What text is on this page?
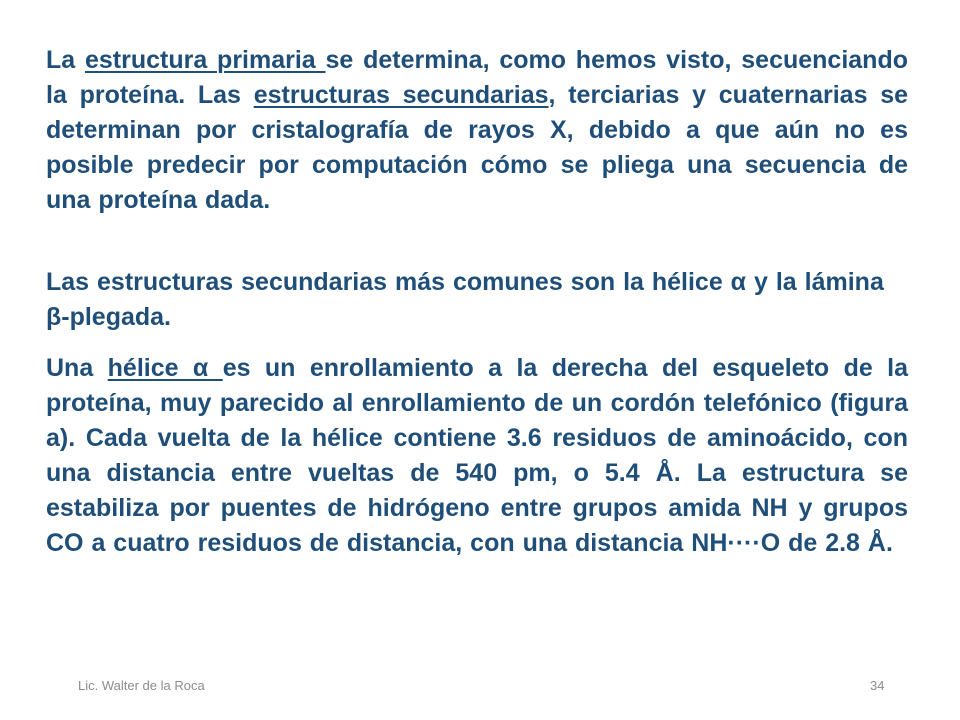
La estructura primaria se determina, como hemos visto, secuenciando la proteína. Las estructuras secundarias, terciarias y cuaternarias se determinan por cristalografía de rayos X, debido a que aún no es posible predecir por computación cómo se pliega una secuencia de una proteína dada.

Las estructuras secundarias más comunes son la hélice α y la lámina β-plegada.

Una hélice α es un enrollamiento a la derecha del esqueleto de la proteína, muy parecido al enrollamiento de un cordón telefónico (figura a). Cada vuelta de la hélice contiene 3.6 residuos de aminoácido, con una distancia entre vueltas de 540 pm, o 5.4 Å. La estructura se estabiliza por puentes de hidrógeno entre grupos amida NH y grupos CO a cuatro residuos de distancia, con una distancia NH····O de 2.8 Å.

Lic. Walter de la Roca	34
